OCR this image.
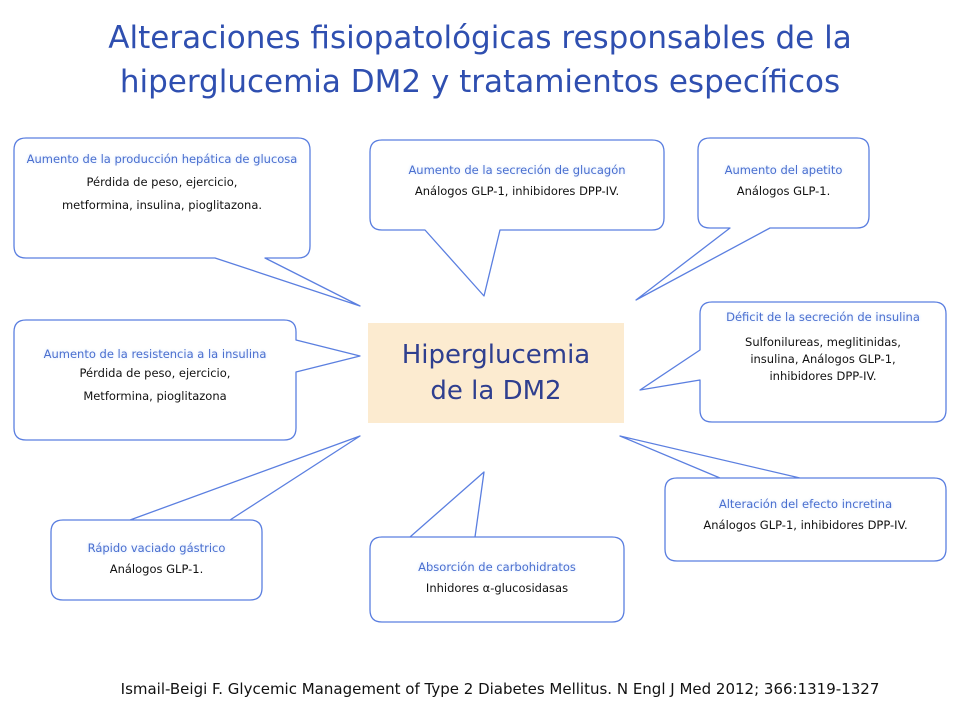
Alteraciones fisiopatológicas responsables de la
hiperglucemia DM2 y tratamientos específicos
Aumento de la producción hepática de glucosa
Pérdida de peso, ejercicio,
metformina, insulina, pioglitazona.
Aumento de la secreción de glucagón
Análogos GLP-1, inhibidores DPP-IV.
Aumento del apetito
Análogos GLP-1.
Déficit de la secreción de insulina
Sulfonilureas, meglitinidas,
insulina, Análogos GLP-1,
inhibidores DPP-IV.
Aumento de la resistencia a la insulina
Pérdida de peso, ejercicio,
Metformina, pioglitazona
Alteración del efecto incretina
Análogos GLP-1, inhibidores DPP-IV.
Rápido vaciado gástrico
Análogos GLP-1.	Absorción de carbohidratos
Inhidores α-glucosidasas
Hiperglucemia
de la DM2
Ismail-Beigi F. Glycemic Management of Type 2 Diabetes Mellitus. N Engl J Med 2012; 366:1319-1327
